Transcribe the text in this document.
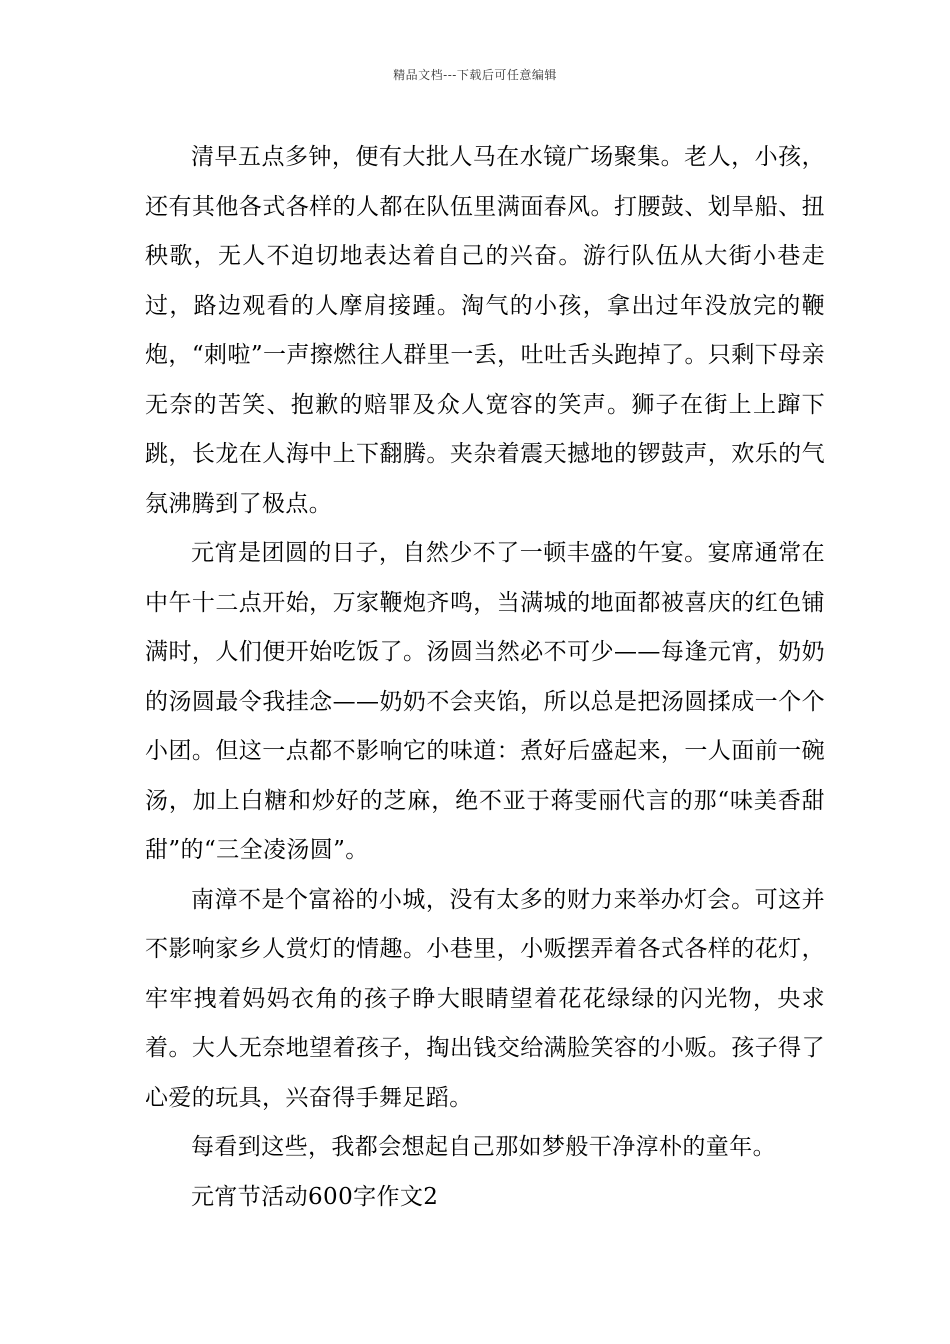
精品文档---下载后可任意编辑

清早五点多钟，便有大批人马在水镜广场聚集。老人，小孩，还有其他各式各样的人都在队伍里满面春风。打腰鼓、划旱船、扭秧歌，无人不迫切地表达着自己的兴奋。游行队伍从大街小巷走过，路边观看的人摩肩接踵。淘气的小孩，拿出过年没放完的鞭炮，“刺啦”一声擦燃往人群里一丢，吐吐舌头跑掉了。只剩下母亲无奈的苦笑、抱歉的赔罪及众人宽容的笑声。狮子在街上上蹿下跳，长龙在人海中上下翻腾。夹杂着震天撼地的锣鼓声，欢乐的气氛沸腾到了极点。

元宵是团圆的日子，自然少不了一顿丰盛的午宴。宴席通常在中午十二点开始，万家鞭炮齐鸣，当满城的地面都被喜庆的红色铺满时，人们便开始吃饭了。汤圆当然必不可少——每逢元宵，奶奶的汤圆最令我挂念——奶奶不会夹馅，所以总是把汤圆揉成一个个小团。但这一点都不影响它的味道：煮好后盛起来，一人面前一碗汤，加上白糖和炒好的芝麻，绝不亚于蒋雯丽代言的那“味美香甜甜”的“三全凌汤圆”。

南漳不是个富裕的小城，没有太多的财力来举办灯会。可这并不影响家乡人赏灯的情趣。小巷里，小贩摆弄着各式各样的花灯，牢牢拽着妈妈衣角的孩子睁大眼睛望着花花绿绿的闪光物，央求着。大人无奈地望着孩子，掏出钱交给满脸笑容的小贩。孩子得了心爱的玩具，兴奋得手舞足蹈。

每看到这些，我都会想起自己那如梦般干净淳朴的童年。

元宵节活动600字作文2
